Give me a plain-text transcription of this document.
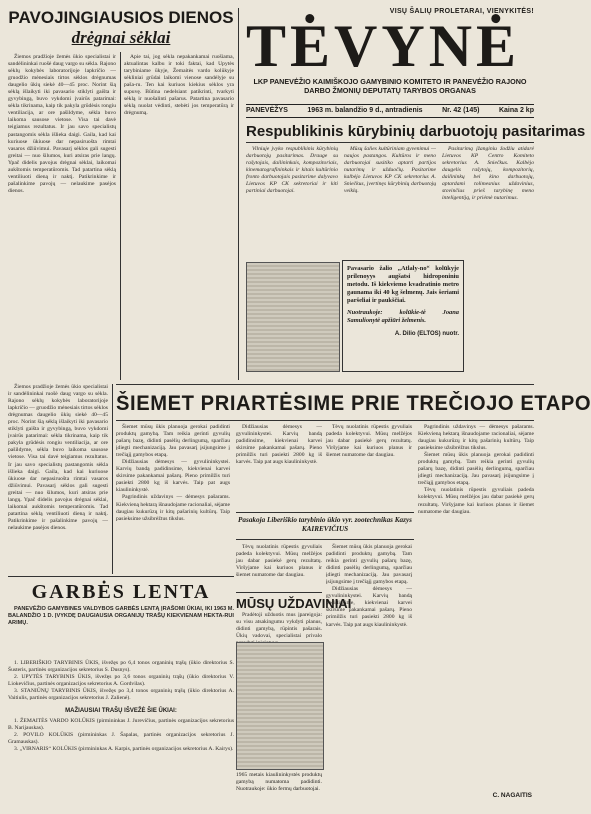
PAVOJINGIAUSIOS DIENOS
drėgnai sėklai
VISŲ ŠALIŲ PROLETARAI, VIENYKITĖS!
TĖVYNĖ
LKP PANEVĖŽIO KAIMIŠKOJO GAMYBINIO KOMITETO IR PANEVĖŽIO RAJONO DARBO ŽMONIŲ DEPUTATŲ TARYBOS ORGANAS
PANEVĖŽYS	1963 m. balandžio 9 d., antradienis	Nr. 42 (145)	Kaina 2 kp

Žiemos pradžioje žemės ūkio specialistai ir sandėlininkai ruošė daug vargo su sėkla. Rajono sėklų kokybės laboratorijoje lapkričio — gruodžio mėnesiais tirtos sėklos drėgnumas daugelio ūkių siekė 40—45 proc. Norint šią sėklą išlaikyti iki pavasario stiklyti gaišta ir gyvybingą, buvo vykdomi įvairūs patarimai: sėkla tikrinama, kaip tik pakyla grūdėsis rongiu ventiliacija, ar ore pašildyme, sėkla buvo laikoma sausose vietose. Visa tai davė teigiamus rezultatus. Ir jau savo specialistų pastangomis sėkla išlieka daigi. Gaila, kad kai kuriuose ūkiuose dar nepasiruošta rimtai vasaros džiūvimui. Pavasarį sėklos gali sugesti greitai — nuo šilumos, kuri atsiras prie langų. Ypač didelis pavojus drėgnai sėklai, laikomai aukštomis temperatūromis. Tad patartina sėklą ventiliuoti dieną ir naktį. Patikrinkime ir pašalinkime pavojų — nelaukime pasėjos dienos.

Apie tai, jog sėkla nepakankamai ruošiama, aktualintas kalbu ir toki faktai, kad Upytės tarybiniame ūkyje, Žemaitės vardo kolūkyje sėkliniai grūdai laikomi vienose sandėlyje su paša-ru. Ten kai kuriuos kiekius sėklos yra supuvę. Būtina nedelsiant patikrinti, tvarkyti sėklą ir nuošalinti pašarus. Patartina pavasario sėklą nuolat vėdinti, stebėti jos temperatūrą ir drėgnumą.

Respublikinis kūrybinių darbuotojų pasitarimas

Vilniuje įvyko respublikinis kūrybinių darbuotojų pasitarimas. Drauge su rašytojais, dailininkais, kompozitoriais, kinematografininkais ir kitais kultūrinio fronto darbuotojais pasitarime dalyvavo Lietuvos KP CK sekretoriai ir kiti partiniai darbuotojai.

Mūsų šalies kultūriniam gyvenimui — naujos pastangos. Kultūros ir meno darbuotojai susitiko aptarti partijos nutarimų ir užduočių. Pasitarime kalbėjo Lietuvos KP CK sekretorius A. Sniečkus, įvertinęs kūrybinių darbuotojų veiklą.

Pasitarimą įžanginiu žodžiu atidarė Lietuvos KP Centro Komiteto sekretorius A. Sniečkus. Kalbėjo daugelis rašytojų, kompozitorių, dailininkų bei kino darbuotojų, aptardami tolimesnius uždavinius, stovinčius prieš tarybinę meno inteligentiją, ir priėmė nutarimus.

Pavasario žalio „Atlaly-no“ kolūkyje prilenoyys augšatsi hidroponiniu metodu. Iš kiekviemo kvadratinio metro gaunama iki 40 kg šelmenų. Jais šeriami paršeliai ir paukščiai.
Nuotraukoje: kolūkie-tė Joana Samulionytė apžiūri želmenis.
A. Dilio (ELTOS) nuotr.
ŠIEMET PRIARTĖSIME PRIE TREČIOJO ETAPO

Žiemos pradžioje žemės ūkio specialistai ir sandėlininkai ruošė daug vargo su sėkla. Rajono sėklų kokybės laboratorijoje lapkričio — gruodžio mėnesiais tirtos sėklos drėgnumas daugelio ūkių siekė 40—45 proc. Norint šią sėklą išlaikyti iki pavasario stiklyti gaišta ir gyvybingą, buvo vykdomi įvairūs patarimai: sėkla tikrinama, kaip tik pakyla grūdėsis rongiu ventiliacija, ar ore pašildyme, sėkla buvo laikoma sausose vietose. Visa tai davė teigiamus rezultatus. Ir jau savo specialistų pastangomis sėkla išlieka daigi. Gaila, kad kai kuriuose ūkiuose dar nepasiruošta rimtai vasaros džiūvimui. Pavasarį sėklos gali sugesti greitai — nuo šilumos, kuri atsiras prie langų. Ypač didelis pavojus drėgnai sėklai, laikomai aukštomis temperatūromis. Tad patartina sėklą ventiliuoti dieną ir naktį. Patikrinkime ir pašalinkime pavojų — nelaukime pasėjos dienos.

Šiemet mūsų ūkis planuoja gerokai padidinti produktų gamybą. Tam reikia gerinti gyvulių pašarų bazę, didinti pasėlių derlingumą, sparčiau įdiegti mechanizaciją. Jau pavasarį įsijungsime į trečiąjį gamybos etapą.

Didžiausias dėmesys — gyvulininkystei. Karvių bandą padidinsime, kiekvienai karvei skirsime pakankamai pašarų. Pieno primilžis turi pasiekti 2800 kg iš karvės. Taip pat augs kiaulininkystė.

Pagrindinis uždavinys — dėmesys pašarams. Kiekvieną hektarą išnaudojame racionaliai, sėjame daugiau kukurūzų ir kitų pašarinių kultūrų. Taip pasieksime užsibrėžtus tikslus.

Didžiausias dėmesys — gyvulininkystei. Karvių bandą padidinsime, kiekvienai karvei skirsime pakankamai pašarų. Pieno primilžis turi pasiekti 2800 kg iš karvės. Taip pat augs kiaulininkystė.

Tėvų nuolatinis rūpestis gyvuliais padeda kolektyvui. Mūsų melžėjos jau dabar pasiekė gerų rezultatų. Viršyjame kai kuriuos planus ir šiemet numatome dar daugiau.

Pagrindinis uždavinys — dėmesys pašarams. Kiekvieną hektarą išnaudojame racionaliai, sėjame daugiau kukurūzų ir kitų pašarinių kultūrų. Taip pasieksime užsibrėžtus tikslus.

Šiemet mūsų ūkis planuoja gerokai padidinti produktų gamybą. Tam reikia gerinti gyvulių pašarų bazę, didinti pasėlių derlingumą, sparčiau įdiegti mechanizaciją. Jau pavasarį įsijungsime į trečiąjį gamybos etapą.

Tėvų nuolatinis rūpestis gyvuliais padeda kolektyvui. Mūsų melžėjos jau dabar pasiekė gerų rezultatų. Viršyjame kai kuriuos planus ir šiemet numatome dar daugiau.

Pasakoja Liberiškio tarybinio ūkio vyr. zootechnikas Kazys KAIREVIČIUS

Tėvų nuolatinis rūpestis gyvuliais padeda kolektyvui. Mūsų melžėjos jau dabar pasiekė gerų rezultatų. Viršyjame kai kuriuos planus ir šiemet numatome dar daugiau.

Šiemet mūsų ūkis planuoja gerokai padidinti produktų gamybą. Tam reikia gerinti gyvulių pašarų bazę, didinti pasėlių derlingumą, sparčiau įdiegti mechanizaciją. Jau pavasarį įsijungsime į trečiąjį gamybos etapą.

Didžiausias dėmesys — gyvulininkystei. Karvių bandą padidinsime, kiekvienai karvei skirsime pakankamai pašarų. Pieno primilžis turi pasiekti 2800 kg iš karvės. Taip pat augs kiaulininkystė.

MŪSŲ UŽDAVINIAI

Pradėtoji užduotis mus įpareigoja: su visu atsakingumu vykdyti planus, didinti gamybą, rūpintis pašarais. Ūkių vadovai, specialistai privalo

GARBĖS LENTA

PANEVĖŽIO GAMYBINES VALDYBOS GARBĖS LENTĄ ĮRAŠOMI ŪKIAI, IKI 1963 M. BALANDŽIO 1 D. ĮVYKDĘ DAUGIAUSIA ORGANIJŲ TRAŠŲ KIEKVIENAM HEKTA-RUI ARIMŲ.

1. LIBERIŠKIO TARYBINIS ŪKIS, išvežęs po 6,4 tonos organinių trąšų (ūkio direktorius S. Šusteris, partinės organizacijos sekretorius S. Dusnys).

2. UPYTĖS TARYBINIS ŪKIS, išvežęs po 3,6 tonos organinių trąšų (ūkio direktorius V. Liokevičius, partinės organizacijos sekretorius A. Gordvilas).

3. STANIŪNŲ TARYBINIS ŪKIS, išvežęs po 3,4 tonos organinių trąšų (ūkio direktorius A. Vaitiulis, partinės organizacijos sekretorius J. Zalienė).

MAŽIAUSIAI TRAŠŲ IŠVEŽĖ ŠIE ŪKIAI:

1. ŽEMAITĖS VARDO KOLŪKIS (pirmininkas J. Jurevičius, partinės organizacijos sekretorius B. Narijauskas).

2. POVILO KOLŪKIS (pirmininkas J. Šapalas, partinės organizacijos sekretorius J. Gramauskas).

3. „VIRNARIS“ KOLŪKIS (pirmininkas A. Karpis, partinės organizacijos sekretorius A. Kairys).

1965 metais kiaulininkystės produktų gamybą numatoma padidinti. Nuotraukoje: ūkio fermų darbuotojai.
C. NAGAITIS
